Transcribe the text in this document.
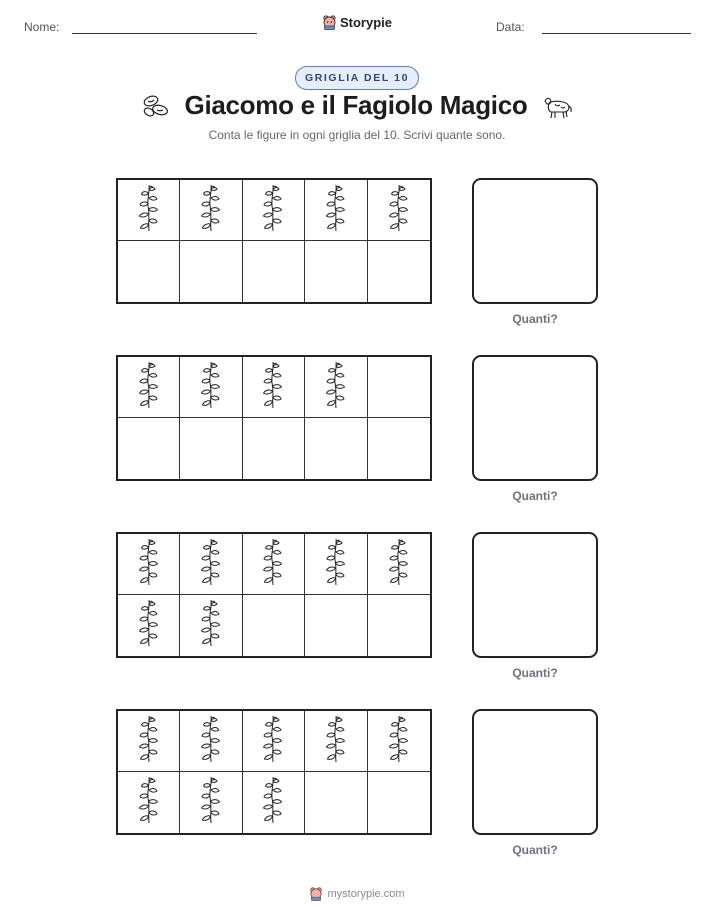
Nome:	Storypie	Data:
GRIGLIA DEL 10
Giacomo e il Fagiolo Magico
Conta le figure in ogni griglia del 10. Scrivi quante sono.
Quanti?
Quanti?
Quanti?
Quanti?
mystorypie.com
